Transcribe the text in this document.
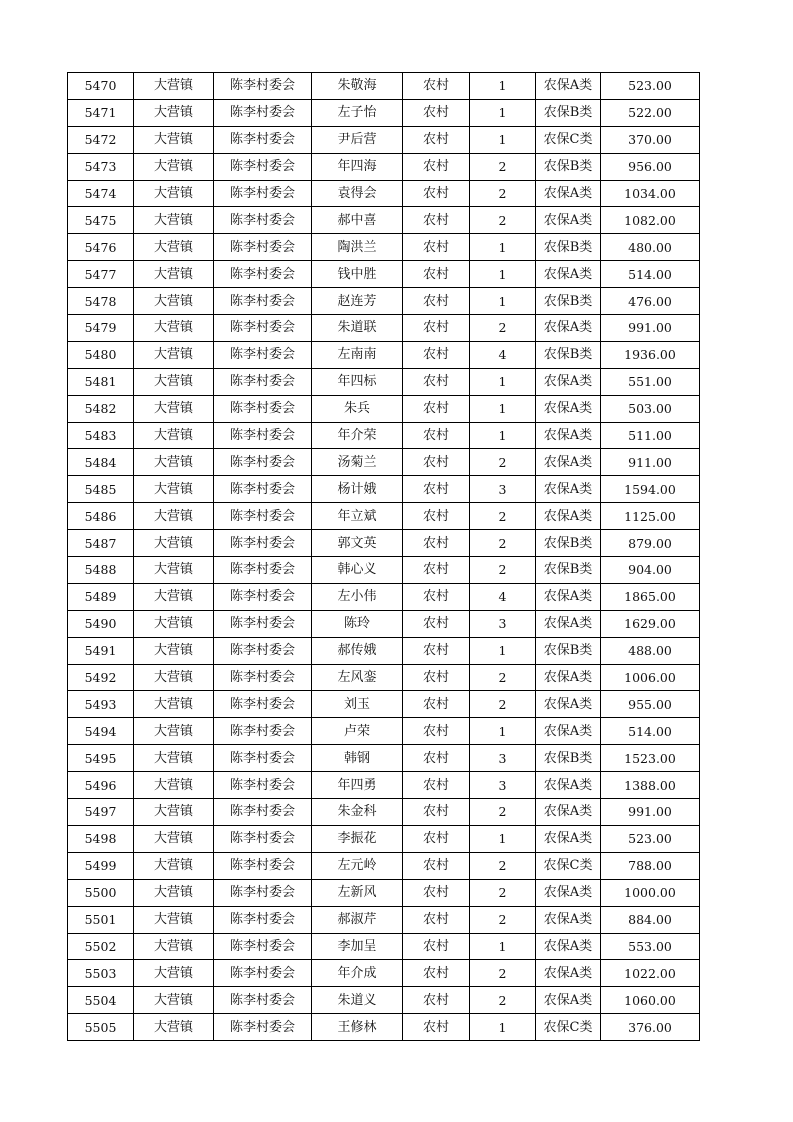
5470	大营镇	陈李村委会	朱敬海	农村	1	农保A类	523.00
5471	大营镇	陈李村委会	左子怡	农村	1	农保B类	522.00
5472	大营镇	陈李村委会	尹后营	农村	1	农保C类	370.00
5473	大营镇	陈李村委会	年四海	农村	2	农保B类	956.00
5474	大营镇	陈李村委会	袁得会	农村	2	农保A类	1034.00
5475	大营镇	陈李村委会	郝中喜	农村	2	农保A类	1082.00
5476	大营镇	陈李村委会	陶洪兰	农村	1	农保B类	480.00
5477	大营镇	陈李村委会	钱中胜	农村	1	农保A类	514.00
5478	大营镇	陈李村委会	赵连芳	农村	1	农保B类	476.00
5479	大营镇	陈李村委会	朱道联	农村	2	农保A类	991.00
5480	大营镇	陈李村委会	左南南	农村	4	农保B类	1936.00
5481	大营镇	陈李村委会	年四标	农村	1	农保A类	551.00
5482	大营镇	陈李村委会	朱兵	农村	1	农保A类	503.00
5483	大营镇	陈李村委会	年介荣	农村	1	农保A类	511.00
5484	大营镇	陈李村委会	汤菊兰	农村	2	农保A类	911.00
5485	大营镇	陈李村委会	杨计娥	农村	3	农保A类	1594.00
5486	大营镇	陈李村委会	年立斌	农村	2	农保A类	1125.00
5487	大营镇	陈李村委会	郭文英	农村	2	农保B类	879.00
5488	大营镇	陈李村委会	韩心义	农村	2	农保B类	904.00
5489	大营镇	陈李村委会	左小伟	农村	4	农保A类	1865.00
5490	大营镇	陈李村委会	陈玲	农村	3	农保A类	1629.00
5491	大营镇	陈李村委会	郝传娥	农村	1	农保B类	488.00
5492	大营镇	陈李村委会	左风銮	农村	2	农保A类	1006.00
5493	大营镇	陈李村委会	刘玉	农村	2	农保A类	955.00
5494	大营镇	陈李村委会	卢荣	农村	1	农保A类	514.00
5495	大营镇	陈李村委会	韩钢	农村	3	农保B类	1523.00
5496	大营镇	陈李村委会	年四勇	农村	3	农保A类	1388.00
5497	大营镇	陈李村委会	朱金科	农村	2	农保A类	991.00
5498	大营镇	陈李村委会	李振花	农村	1	农保A类	523.00
5499	大营镇	陈李村委会	左元岭	农村	2	农保C类	788.00
5500	大营镇	陈李村委会	左新风	农村	2	农保A类	1000.00
5501	大营镇	陈李村委会	郝淑芹	农村	2	农保A类	884.00
5502	大营镇	陈李村委会	李加呈	农村	1	农保A类	553.00
5503	大营镇	陈李村委会	年介成	农村	2	农保A类	1022.00
5504	大营镇	陈李村委会	朱道义	农村	2	农保A类	1060.00
5505	大营镇	陈李村委会	王修林	农村	1	农保C类	376.00
